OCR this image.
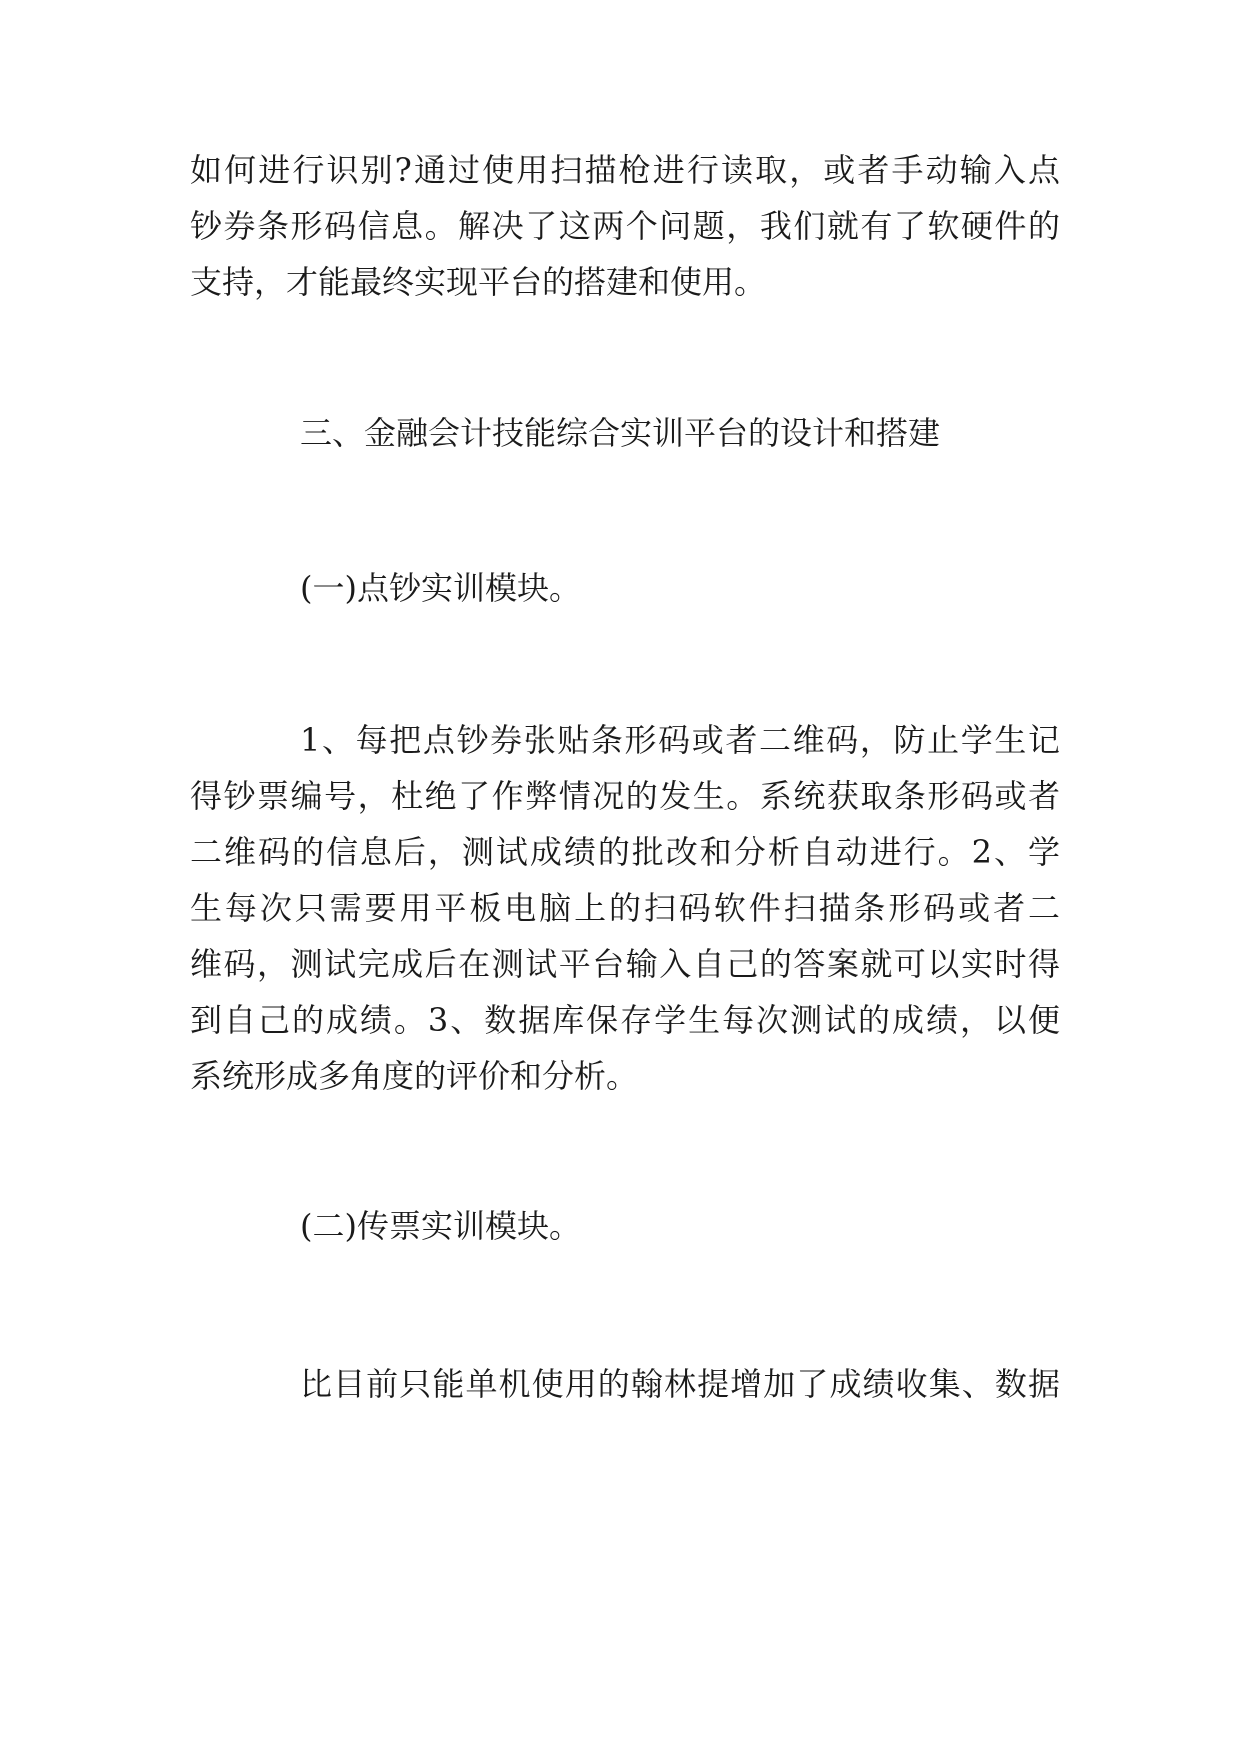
如何进行识别?通过使用扫描枪进行读取，或者手动输入点
钞券条形码信息。解决了这两个问题，我们就有了软硬件的
支持，才能最终实现平台的搭建和使用。
三、金融会计技能综合实训平台的设计和搭建
(一)点钞实训模块。
1、每把点钞券张贴条形码或者二维码，防止学生记
得钞票编号，杜绝了作弊情况的发生。系统获取条形码或者
二维码的信息后，测试成绩的批改和分析自动进行。2、学
生每次只需要用平板电脑上的扫码软件扫描条形码或者二
维码，测试完成后在测试平台输入自己的答案就可以实时得
到自己的成绩。3、数据库保存学生每次测试的成绩，以便
系统形成多角度的评价和分析。
(二)传票实训模块。
比目前只能单机使用的翰林提增加了成绩收集、数据
